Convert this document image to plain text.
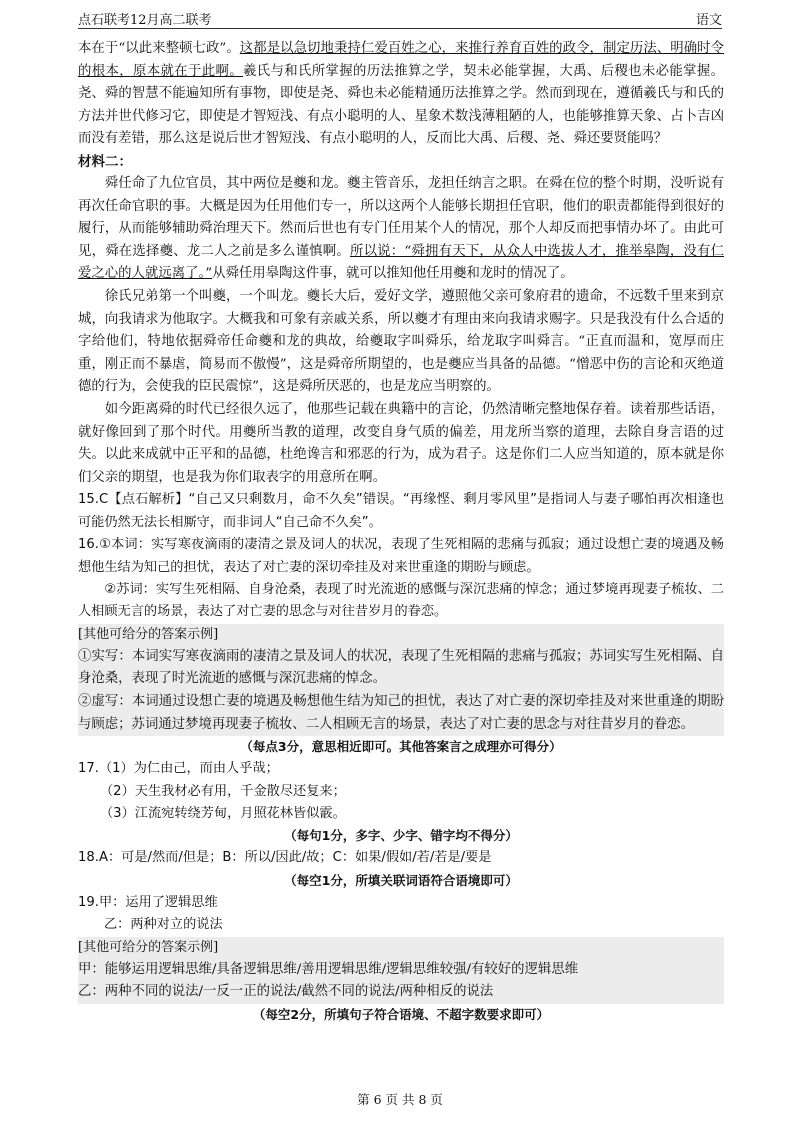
点石联考12月高二联考	语文

本在于“以此来整顿七政”。这都是以急切地秉持仁爱百姓之心，来推行养育百姓的政令，制定历法、明确时令的根本，原本就在于此啊。羲氏与和氏所掌握的历法推算之学，契未必能掌握，大禹、后稷也未必能掌握。尧、舜的智慧不能遍知所有事物，即使是尧、舜也未必能精通历法推算之学。然而到现在，遵循羲氏与和氏的方法并世代修习它，即使是才智短浅、有点小聪明的人、星象术数浅薄粗陋的人，也能够推算天象、占卜吉凶而没有差错，那么这是说后世才智短浅、有点小聪明的人，反而比大禹、后稷、尧、舜还要贤能吗？

材料二：

舜任命了九位官员，其中两位是夔和龙。夔主管音乐，龙担任纳言之职。在舜在位的整个时期，没听说有再次任命官职的事。大概是因为任用他们专一，所以这两个人能够长期担任官职，他们的职责都能得到很好的履行，从而能够辅助舜治理天下。然而后世也有专门任用某个人的情况，那个人却反而把事情办坏了。由此可见，舜在选择夔、龙二人之前是多么谨慎啊。所以说：“舜拥有天下，从众人中选拔人才，推举皋陶，没有仁爱之心的人就远离了。”从舜任用皋陶这件事，就可以推知他任用夔和龙时的情况了。

徐氏兄弟第一个叫夔，一个叫龙。夔长大后，爱好文学，遵照他父亲可象府君的遗命，不远数千里来到京城，向我请求为他取字。大概我和可象有亲戚关系，所以夔才有理由来向我请求赐字。只是我没有什么合适的字给他们，特地依据舜帝任命夔和龙的典故，给夔取字叫舜乐，给龙取字叫舜言。“正直而温和，宽厚而庄重，刚正而不暴虐，简易而不傲慢”，这是舜帝所期望的，也是夔应当具备的品德。“憎恶中伤的言论和灭绝道德的行为，会使我的臣民震惊”，这是舜所厌恶的，也是龙应当明察的。

如今距离舜的时代已经很久远了，他那些记载在典籍中的言论，仍然清晰完整地保存着。读着那些话语，就好像回到了那个时代。用夔所当教的道理，改变自身气质的偏差，用龙所当察的道理，去除自身言语的过失。以此来成就中正平和的品德，杜绝谗言和邪恶的行为，成为君子。这是你们二人应当知道的，原本就是你们父亲的期望，也是我为你们取表字的用意所在啊。

15.C【点石解析】“自己又只剩数月，命不久矣”错误。“再缘悭、剩月零风里”是指词人与妻子哪怕再次相逢也可能仍然无法长相厮守，而非词人“自己命不久矣”。

16.①本词：实写寒夜滴雨的凄清之景及词人的状况，表现了生死相隔的悲痛与孤寂；通过设想亡妻的境遇及畅想他生结为知己的担忧，表达了对亡妻的深切牵挂及对来世重逢的期盼与顾虑。

②苏词：实写生死相隔、自身沧桑，表现了时光流逝的感慨与深沉悲痛的悼念；通过梦境再现妻子梳妆、二人相顾无言的场景，表达了对亡妻的思念与对往昔岁月的眷恋。

[其他可给分的答案示例]

①实写：本词实写寒夜滴雨的凄清之景及词人的状况，表现了生死相隔的悲痛与孤寂；苏词实写生死相隔、自身沧桑，表现了时光流逝的感慨与深沉悲痛的悼念。

②虚写：本词通过设想亡妻的境遇及畅想他生结为知己的担忧，表达了对亡妻的深切牵挂及对来世重逢的期盼与顾虑；苏词通过梦境再现妻子梳妆、二人相顾无言的场景，表达了对亡妻的思念与对往昔岁月的眷恋。

（每点3分，意思相近即可。其他答案言之成理亦可得分）

17.（1）为仁由己，而由人乎哉；

（2）天生我材必有用，千金散尽还复来；

（3）江流宛转绕芳甸，月照花林皆似霰。

（每句1分，多字、少字、错字均不得分）

18.A：可是/然而/但是；B：所以/因此/故；C：如果/假如/若/若是/要是

（每空1分，所填关联词语符合语境即可）

19.甲：运用了逻辑思维

乙：两种对立的说法

[其他可给分的答案示例]

甲：能够运用逻辑思维/具备逻辑思维/善用逻辑思维/逻辑思维较强/有较好的逻辑思维

乙：两种不同的说法/一反一正的说法/截然不同的说法/两种相反的说法

（每空2分，所填句子符合语境、不超字数要求即可）

第 6 页 共 8 页
